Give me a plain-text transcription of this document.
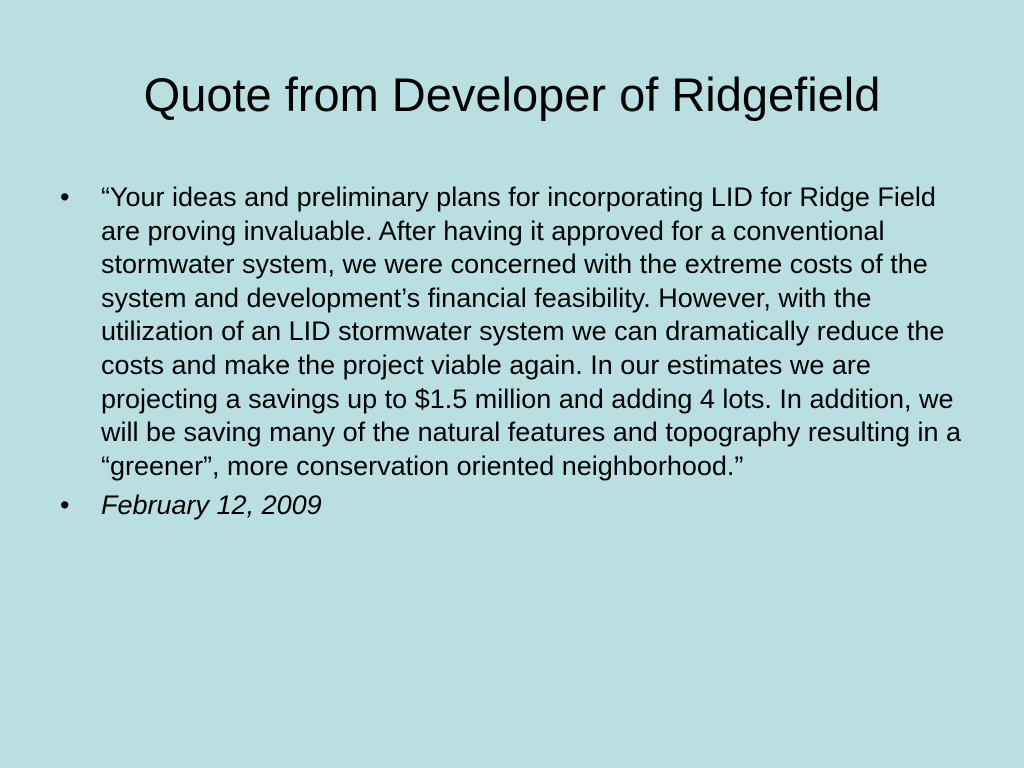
Quote from Developer of Ridgefield
•	“Your ideas and preliminary plans for incorporating LID for Ridge Field are proving invaluable. After having it approved for a conventional stormwater system, we were concerned with the extreme costs of the system and development’s financial feasibility. However, with the utilization of an LID stormwater system we can dramatically reduce the costs and make the project viable again. In our estimates we are projecting a savings up to $1.5 million and adding 4 lots. In addition, we will be saving many of the natural features and topography resulting in a “greener”, more conservation oriented neighborhood.”
•	February 12, 2009
